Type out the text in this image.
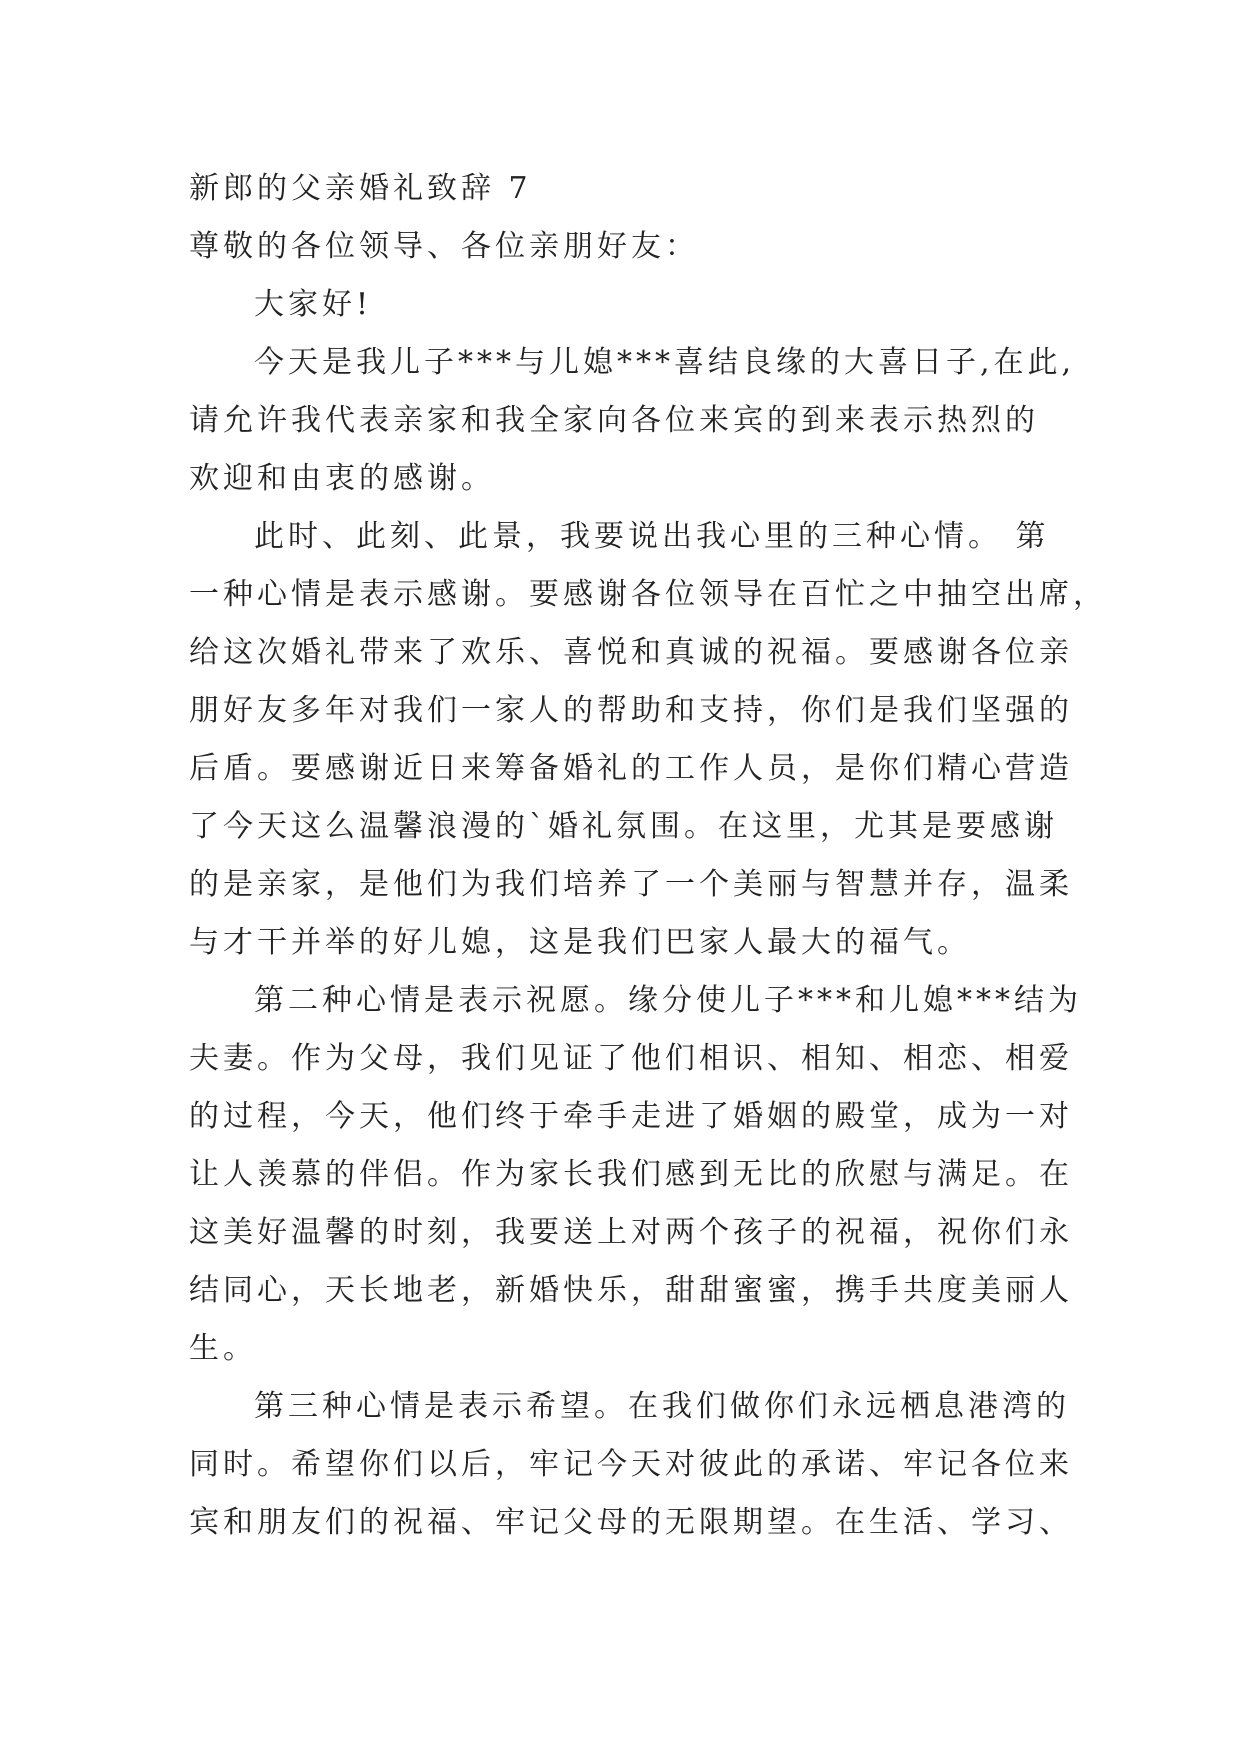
新郎的父亲婚礼致辞 7

尊敬的各位领导、各位亲朋好友：

大家好!

今天是我儿子***与儿媳***喜结良缘的大喜日子,在此,
请允许我代表亲家和我全家向各位来宾的到来表示热烈的
欢迎和由衷的感谢。
此时、此刻、此景，我要说出我心里的三种心情。 第
一种心情是表示感谢。要感谢各位领导在百忙之中抽空出席，
给这次婚礼带来了欢乐、喜悦和真诚的祝福。要感谢各位亲
朋好友多年对我们一家人的帮助和支持，你们是我们坚强的
后盾。要感谢近日来筹备婚礼的工作人员，是你们精心营造
了今天这么温馨浪漫的`婚礼氛围。在这里，尤其是要感谢
的是亲家，是他们为我们培养了一个美丽与智慧并存，温柔
与才干并举的好儿媳，这是我们巴家人最大的福气。
第二种心情是表示祝愿。缘分使儿子***和儿媳***结为
夫妻。作为父母，我们见证了他们相识、相知、相恋、相爱
的过程，今天，他们终于牵手走进了婚姻的殿堂，成为一对
让人羡慕的伴侣。作为家长我们感到无比的欣慰与满足。在
这美好温馨的时刻，我要送上对两个孩子的祝福，祝你们永
结同心，天长地老，新婚快乐，甜甜蜜蜜，携手共度美丽人
生。
第三种心情是表示希望。在我们做你们永远栖息港湾的
同时。希望你们以后，牢记今天对彼此的承诺、牢记各位来
宾和朋友们的祝福、牢记父母的无限期望。在生活、学习、
